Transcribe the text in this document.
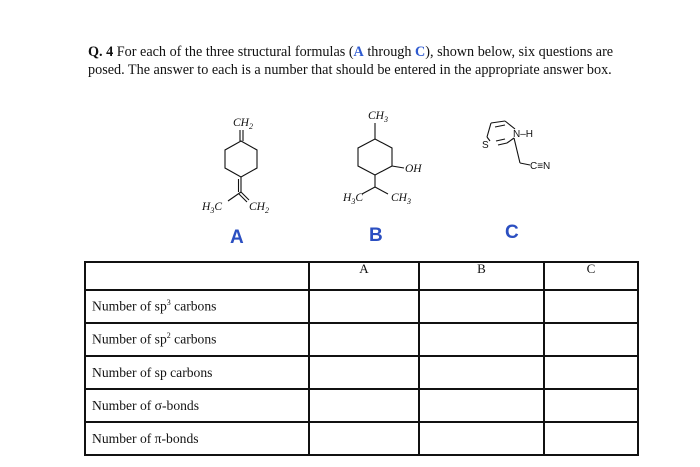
Q. 4 For each of the three structural formulas (A through C), shown below, six questions are posed. The answer to each is a number that should be entered in the appropriate answer box.
$CH_2$
$H_3C$ $CH_2$
$CH_3$
OH
$H_3C$ $CH_3$
N–H
S
C≡N
A	B	C
	A	B	C
Number of $sp^3$ carbons			
Number of $sp^2$ carbons			
Number of sp carbons			
Number of σ-bonds			
Number of π-bonds			
